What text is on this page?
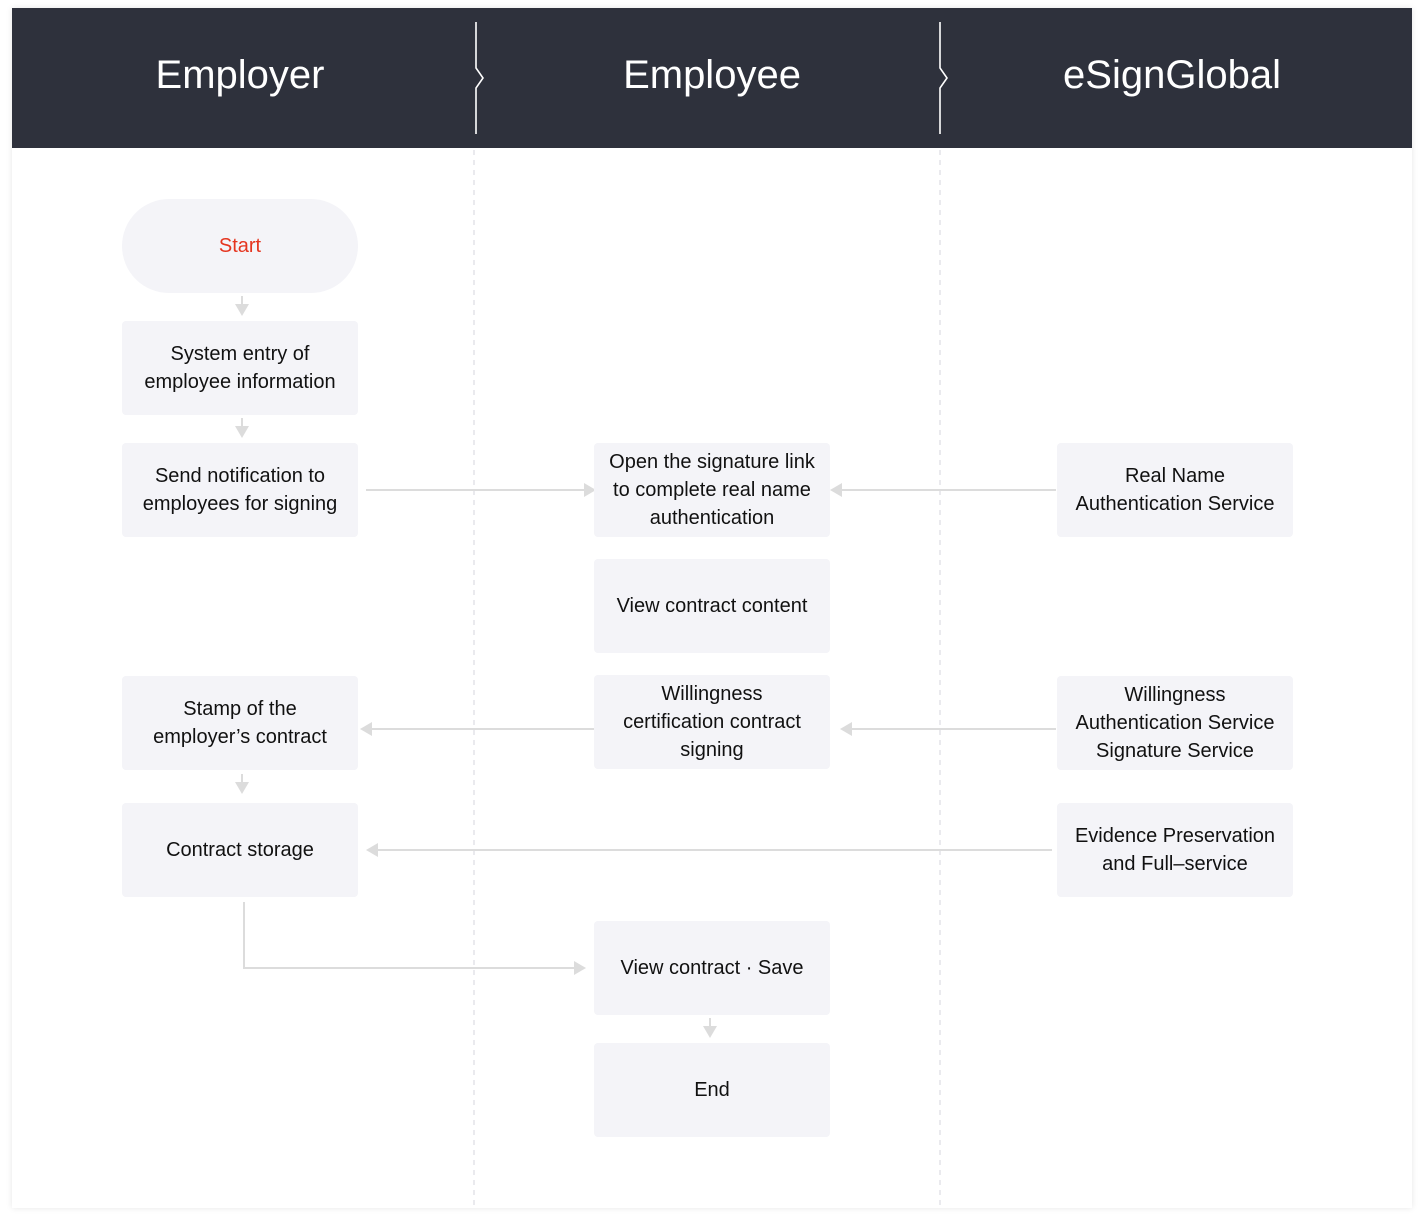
Employer	Employee	eSignGlobal
Start
System entry of
employee information
Send notification to
employees for signing
Open the signature link
to complete real name
authentication
Real Name
Authentication Service
View contract content
Stamp of the
employer’s contract
Willingness
certification contract
signing
Willingness
Authentication Service
Signature Service
Contract storage
Evidence Preservation
and Full–service
View contract · Save
End
